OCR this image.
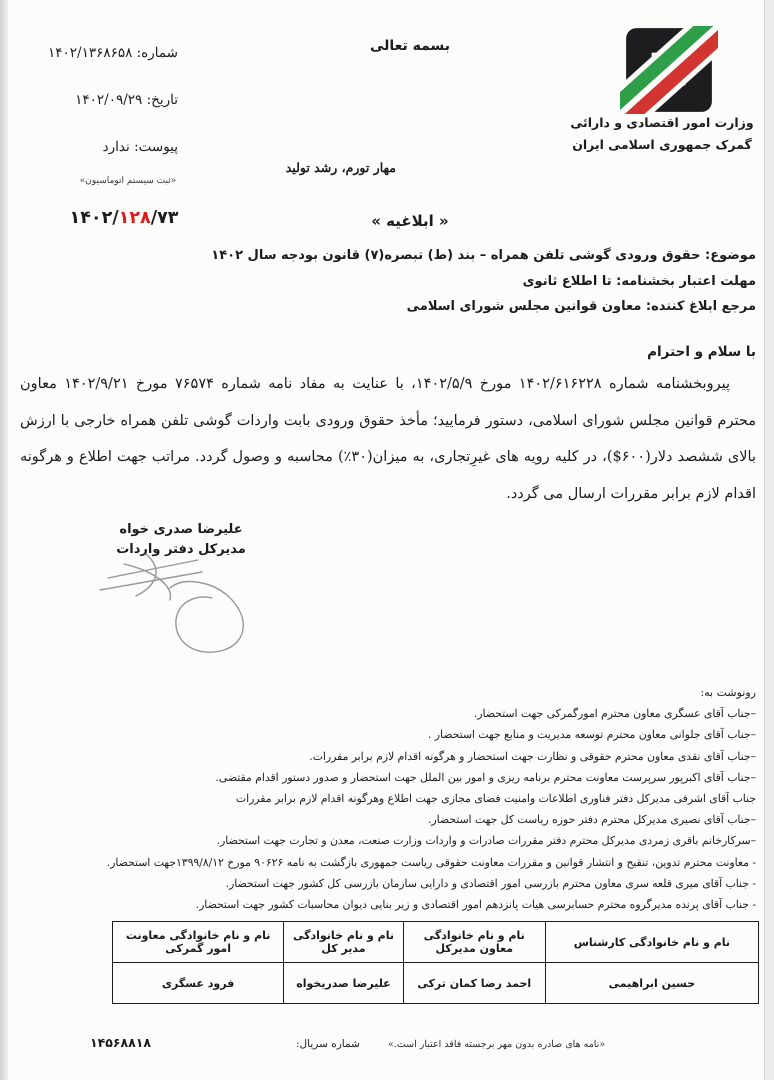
وزارت امور اقتصادی و دارائی
گمرک جمهوری اسلامی ایران
بسمه تعالی
شماره: ۱۴۰۲/۱۳۶۸۶۵۸
تاریخ: ۱۴۰۲/۰۹/۲۹
پیوست: ندارد
«ثبت سیستم اتوماسیون»
مهار تورم، رشد تولید
« ابلاغیه »
۱۴۰۲/۱۲۸/۷۳
موضوع: حقوق ورودی گوشی تلفن همراه – بند (ط) تبصره(۷) قانون بودجه سال ۱۴۰۲
مهلت اعتبار بخشنامه: تا اطلاع ثانوی
مرجع ابلاغ کننده: معاون قوانین مجلس شورای اسلامی
با سلام و احترام
پیروبخشنامه شماره ۱۴۰۲/۶۱۶۲۲۸ مورخ ۱۴۰۲/۵/۹، با عنایت به مفاد نامه شماره ۷۶۵۷۴ مورخ ۱۴۰۲/۹/۲۱ معاون محترم قوانین مجلس شورای اسلامی، دستور فرمایید؛ مأخذ حقوق ورودی بابت واردات گوشی تلفن همراه خارجی با ارزش بالای ششصد دلار(۶۰۰$)، در کلیه رویه های غیرِتجاری، به میزان(۳۰٪) محاسبه و وصول گردد. مراتب جهت اطلاع و هرگونه اقدام لازم برابر مقررات ارسال می گردد.
علیرضا صدری خواه
مدیرکل دفتر واردات
رونوشت به:
–جناب آقای عسگری معاون محترم امورگمرکی جهت استحضار.
–جناب آقای جلوانی معاون محترم توسعه مدیریت و منابع جهت استحضار .
–جناب آقای نقدی معاون محترم حقوقی و نظارت جهت استحضار و هرگونه اقدام لازم برابر مقررات.
–جناب آقای اکبرپور سرپرست معاونت محترم برنامه ریزی و امور بین الملل جهت استحضار و صدور دستور اقدام مقتضی.
جناب آقای اشرفی مدیرکل دفتر فناوری اطلاعات وامنیت فضای مجازی جهت اطلاع وهرگونه اقدام لازم برابر مقررات
–جناب آقای نصیری مدیرکل محترم دفتر حوزه ریاست کل جهت استحضار.
–سرکارخانم باقری زمردی مدیرکل محترم دفتر مقررات صادرات و واردات وزارت صنعت، معدن و تجارت جهت استحضار.
- معاونت محترم تدوین، تنقیح و انتشار قوانین و مقررات معاونت حقوقی ریاست جمهوری بازگشت به نامه ۹۰۶۲۶ مورخ ۱۳۹۹/۸/۱۲جهت استحضار.
- جناب آقای میری قلعه سری معاون محترم بازرسی امور اقتصادی و دارایی سازمان بازرسی کل کشور جهت استحضار.
- جناب آقای پرنده مدیرگروه محترم حسابرسی هیات پانزدهم امور اقتصادی و زیر بنایی دیوان محاسبات کشور جهت استحضار.
نام و نام خانوادگی کارشناس	نام و نام خانوادگی معاون مدیرکل	نام و نام خانوادگی مدیر کل	نام و نام خانوادگی معاونت امور گمرکی
حسین ابراهیمی	احمد رضا کمان ترکی	علیرضا صدریخواه	فرود عسگری
«نامه های صادره بدون مهر برجسته فاقد اعتبار است.»
شماره سریال:
۱۴۵۶۸۸۱۸
